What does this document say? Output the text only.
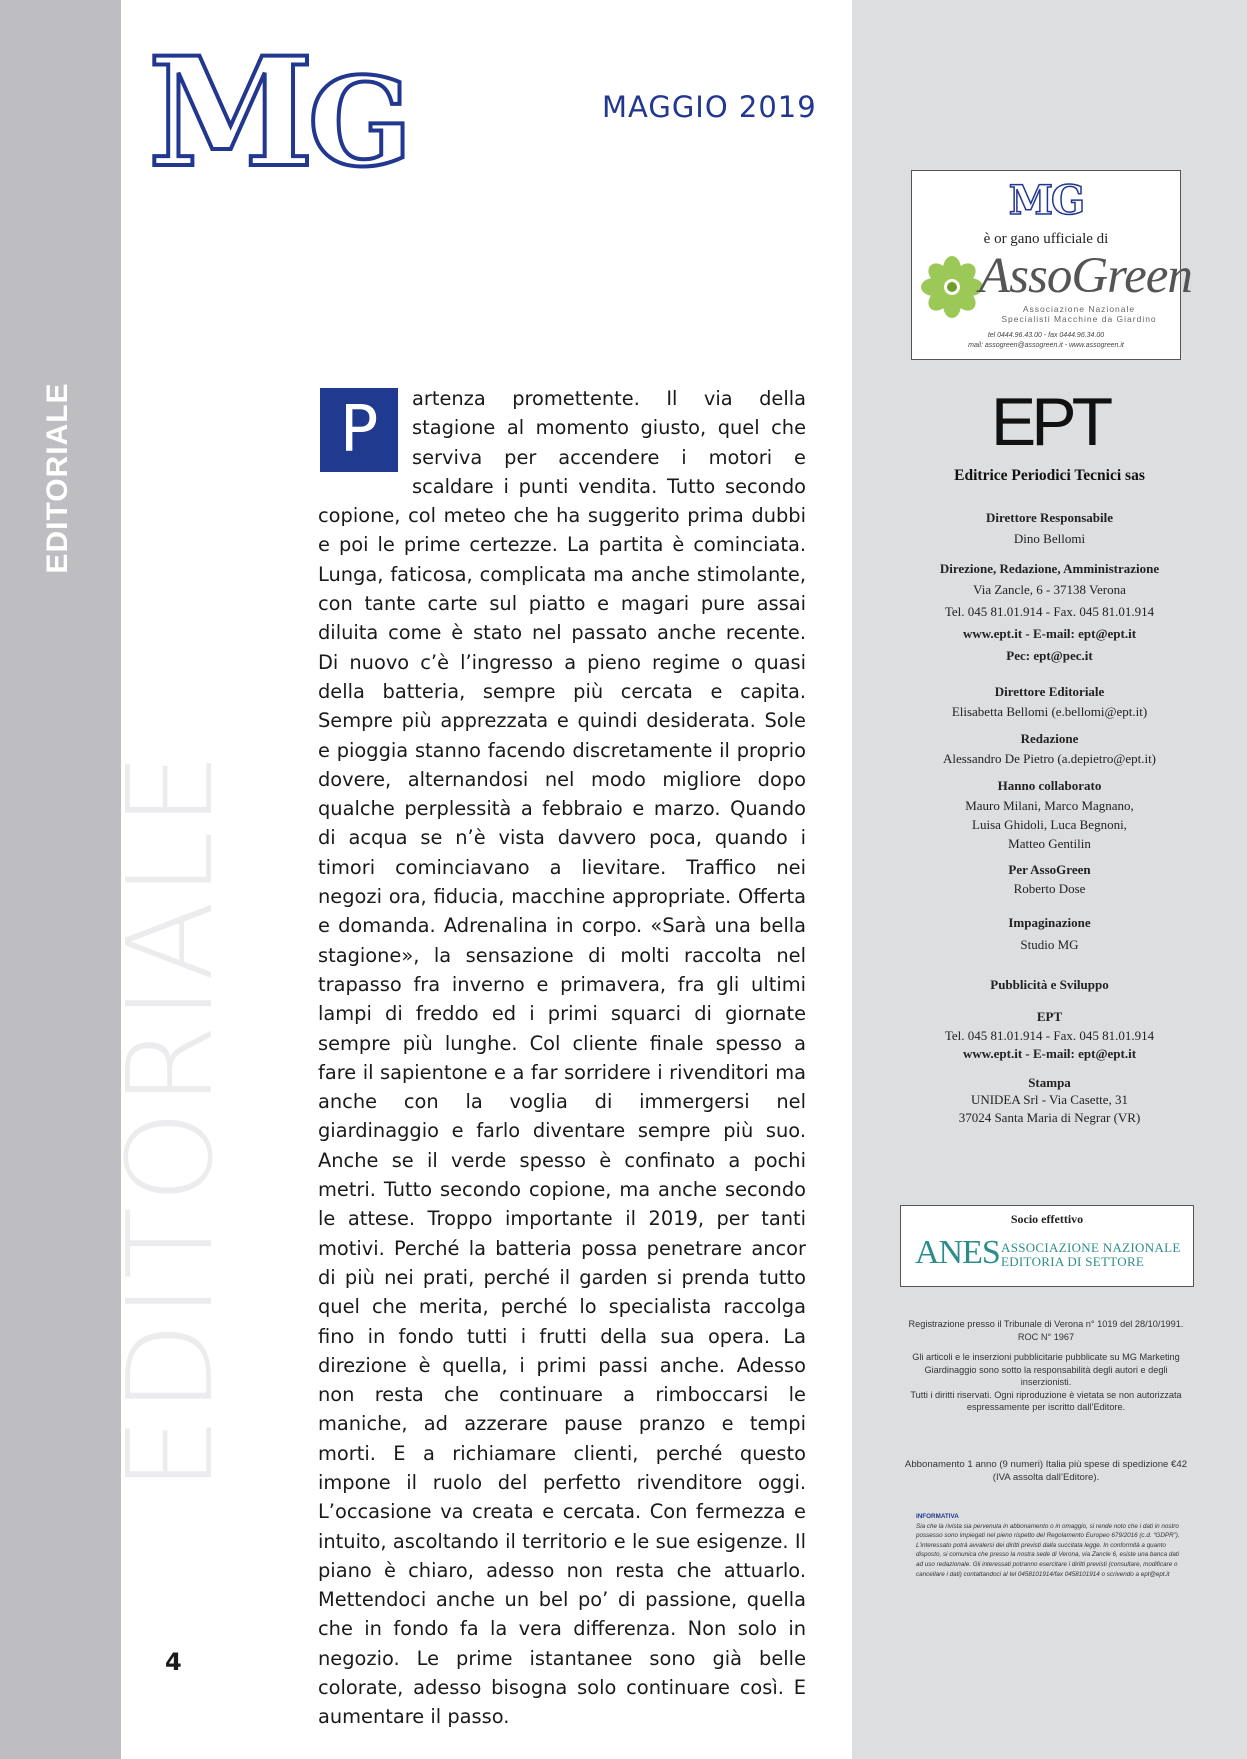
EDITORIALE
EDITORIALE
MG	MAGGIO 2019
P	artenza promettente. Il via della stagione al momento giusto, quel che serviva per accendere i motori e scaldare i punti vendita. Tutto secondo copione, col meteo che ha suggerito prima dubbi e poi le prime certezze. La partita è cominciata. Lunga, faticosa, complicata ma anche stimolante, con tante carte sul piatto e magari pure assai diluita come è stato nel passato anche recente. Di nuovo c’è l’ingresso a pieno regime o quasi della batteria, sempre più cercata e capita. Sempre più apprezzata e quindi desiderata. Sole e pioggia stanno facendo discretamente il proprio dovere, alternandosi nel modo migliore dopo qualche perplessità a febbraio e marzo. Quando di acqua se n’è vista davvero poca, quando i timori cominciavano a lievitare. Traffico nei negozi ora, fiducia, macchine appropriate. Offerta e domanda. Adrenalina in corpo. «Sarà una bella stagione», la sensazione di molti raccolta nel trapasso fra inverno e primavera, fra gli ultimi lampi di freddo ed i primi squarci di giornate sempre più lunghe. Col cliente finale spesso a fare il sapientone e a far sorridere i rivenditori ma anche con la voglia di immergersi nel giardinaggio e farlo diventare sempre più suo. Anche se il verde spesso è confinato a pochi metri. Tutto secondo copione, ma anche secondo le attese. Troppo importante il 2019, per tanti motivi. Perché la batteria possa penetrare ancor di più nei prati, perché il garden si prenda tutto quel che merita, perché lo specialista raccolga fino in fondo tutti i frutti della sua opera. La direzione è quella, i primi passi anche. Adesso non resta che continuare a rimboccarsi le maniche, ad azzerare pause pranzo e tempi morti. E a richiamare clienti, perché questo impone il ruolo del perfetto rivenditore oggi. L’occasione va creata e cercata. Con fermezza e intuito, ascoltando il territorio e le sue esigenze. Il piano è chiaro, adesso non resta che attuarlo. Mettendoci anche un bel po’ di passione, quella che in fondo fa la vera differenza. Non solo in negozio. Le prime istantanee sono già belle colorate, adesso bisogna solo continuare così. E aumentare il passo.
4
MG
è or gano ufficiale di
AssoGreen
Associazione Nazionale
Specialisti Macchine da Giardino
tel 0444.96.43.00 - fax 0444.96.34.00
mail: assogreen@assogreen.it - www.assogreen.it
EPT
Editrice Periodici Tecnici sas
Direttore Responsabile
Dino Bellomi
Direzione, Redazione, Amministrazione
Via Zancle, 6 - 37138 Verona
Tel. 045 81.01.914 - Fax. 045 81.01.914
www.ept.it - E-mail: ept@ept.it
Pec: ept@pec.it
Direttore Editoriale
Elisabetta Bellomi (e.bellomi@ept.it)
Redazione
Alessandro De Pietro (a.depietro@ept.it)
Hanno collaborato
Mauro Milani, Marco Magnano,
Luisa Ghidoli, Luca Begnoni,
Matteo Gentilin
Per AssoGreen
Roberto Dose
Impaginazione
Studio MG
Pubblicità e Sviluppo
EPT
Tel. 045 81.01.914 - Fax. 045 81.01.914
www.ept.it - E-mail: ept@ept.it
Stampa
UNIDEA Srl - Via Casette, 31
37024 Santa Maria di Negrar (VR)
Socio effettivo
ANES ASSOCIAZIONE NAZIONALE
EDITORIA DI SETTORE
Registrazione presso il Tribunale di Verona n° 1019 del 28/10/1991. ROC N° 1967
Gli articoli e le inserzioni pubblicitarie pubblicate su MG Marketing Giardinaggio sono sotto la responsabilità degli autori e degli inserzionisti.
Tutti i diritti riservati. Ogni riproduzione è vietata se non autorizzata espressamente per iscritto dall’Editore.
Abbonamento 1 anno (9 numeri) Italia più spese di spedizione €42 (IVA assolta dall’Editore).
INFORMATIVA
Sia che la rivista sia pervenuta in abbonamento o in omaggio, si rende noto che i dati in nostro possesso sono impiegati nel pieno rispetto del Regolamento Europeo 679/2016 (c.d. “GDPR”). L’interessato potrà avvalersi dei diritti previsti dalla succitata legge. In conformità a quanto disposto, si comunica che presso la nostra sede di Verona, via Zancle 6, esiste una banca dati ad uso redazionale. Gli interessati potranno esercitare i diritti previsti (consultare, modificare o cancellare i dati) contattandoci al tel 0458101914/fax 0458101914 o scrivendo a ept@ept.it
